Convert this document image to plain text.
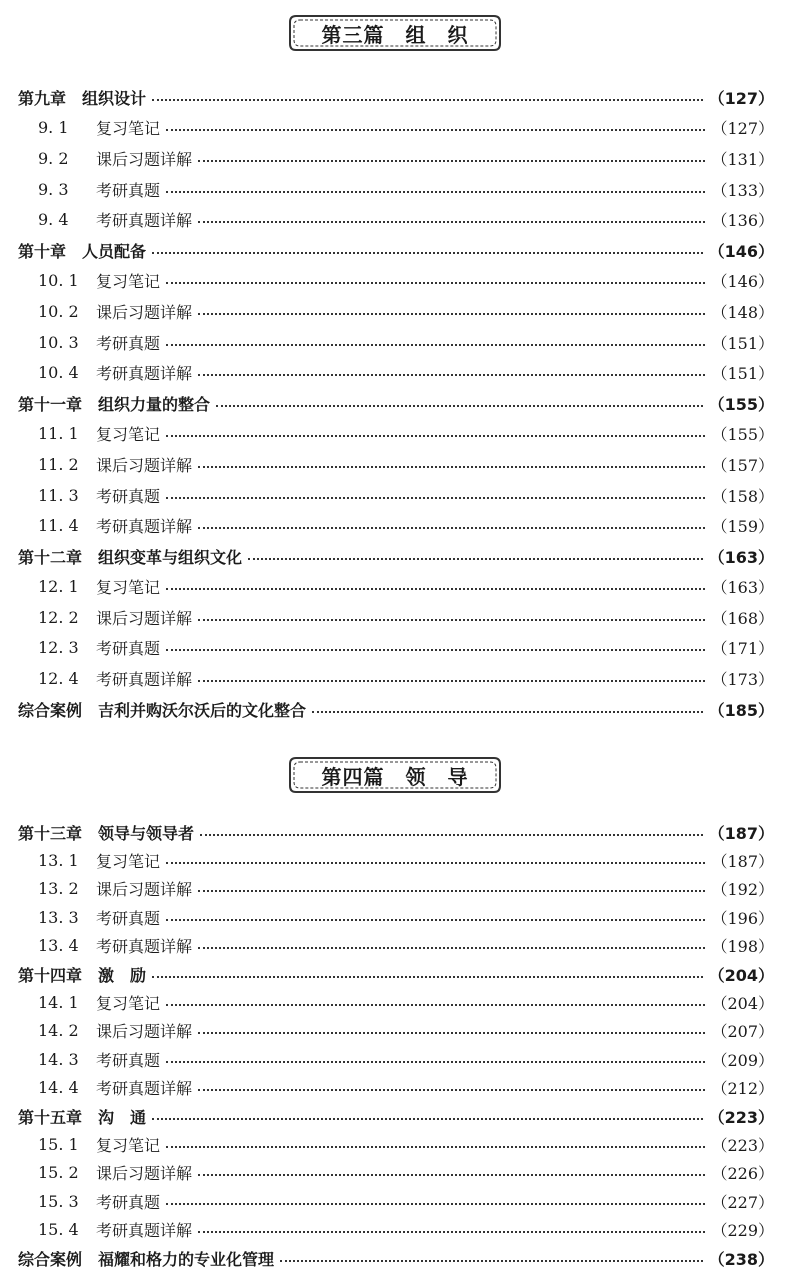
第三篇　组　织
第九章 组织设计	（127）
9. 1	复习笔记	（127）
9. 2	课后习题详解	（131）
9. 3	考研真题	（133）
9. 4	考研真题详解	（136）
第十章 人员配备	（146）
10. 1	复习笔记	（146）
10. 2	课后习题详解	（148）
10. 3	考研真题	（151）
10. 4	考研真题详解	（151）
第十一章 组织力量的整合	（155）
11. 1	复习笔记	（155）
11. 2	课后习题详解	（157）
11. 3	考研真题	（158）
11. 4	考研真题详解	（159）
第十二章 组织变革与组织文化	（163）
12. 1	复习笔记	（163）
12. 2	课后习题详解	（168）
12. 3	考研真题	（171）
12. 4	考研真题详解	（173）
综合案例 吉利并购沃尔沃后的文化整合	（185）
第四篇　领　导
第十三章 领导与领导者	（187）
13. 1	复习笔记	（187）
13. 2	课后习题详解	（192）
13. 3	考研真题	（196）
13. 4	考研真题详解	（198）
第十四章 激　励	（204）
14. 1	复习笔记	（204）
14. 2	课后习题详解	（207）
14. 3	考研真题	（209）
14. 4	考研真题详解	（212）
第十五章 沟　通	（223）
15. 1	复习笔记	（223）
15. 2	课后习题详解	（226）
15. 3	考研真题	（227）
15. 4	考研真题详解	（229）
综合案例 福耀和格力的专业化管理	（238）
